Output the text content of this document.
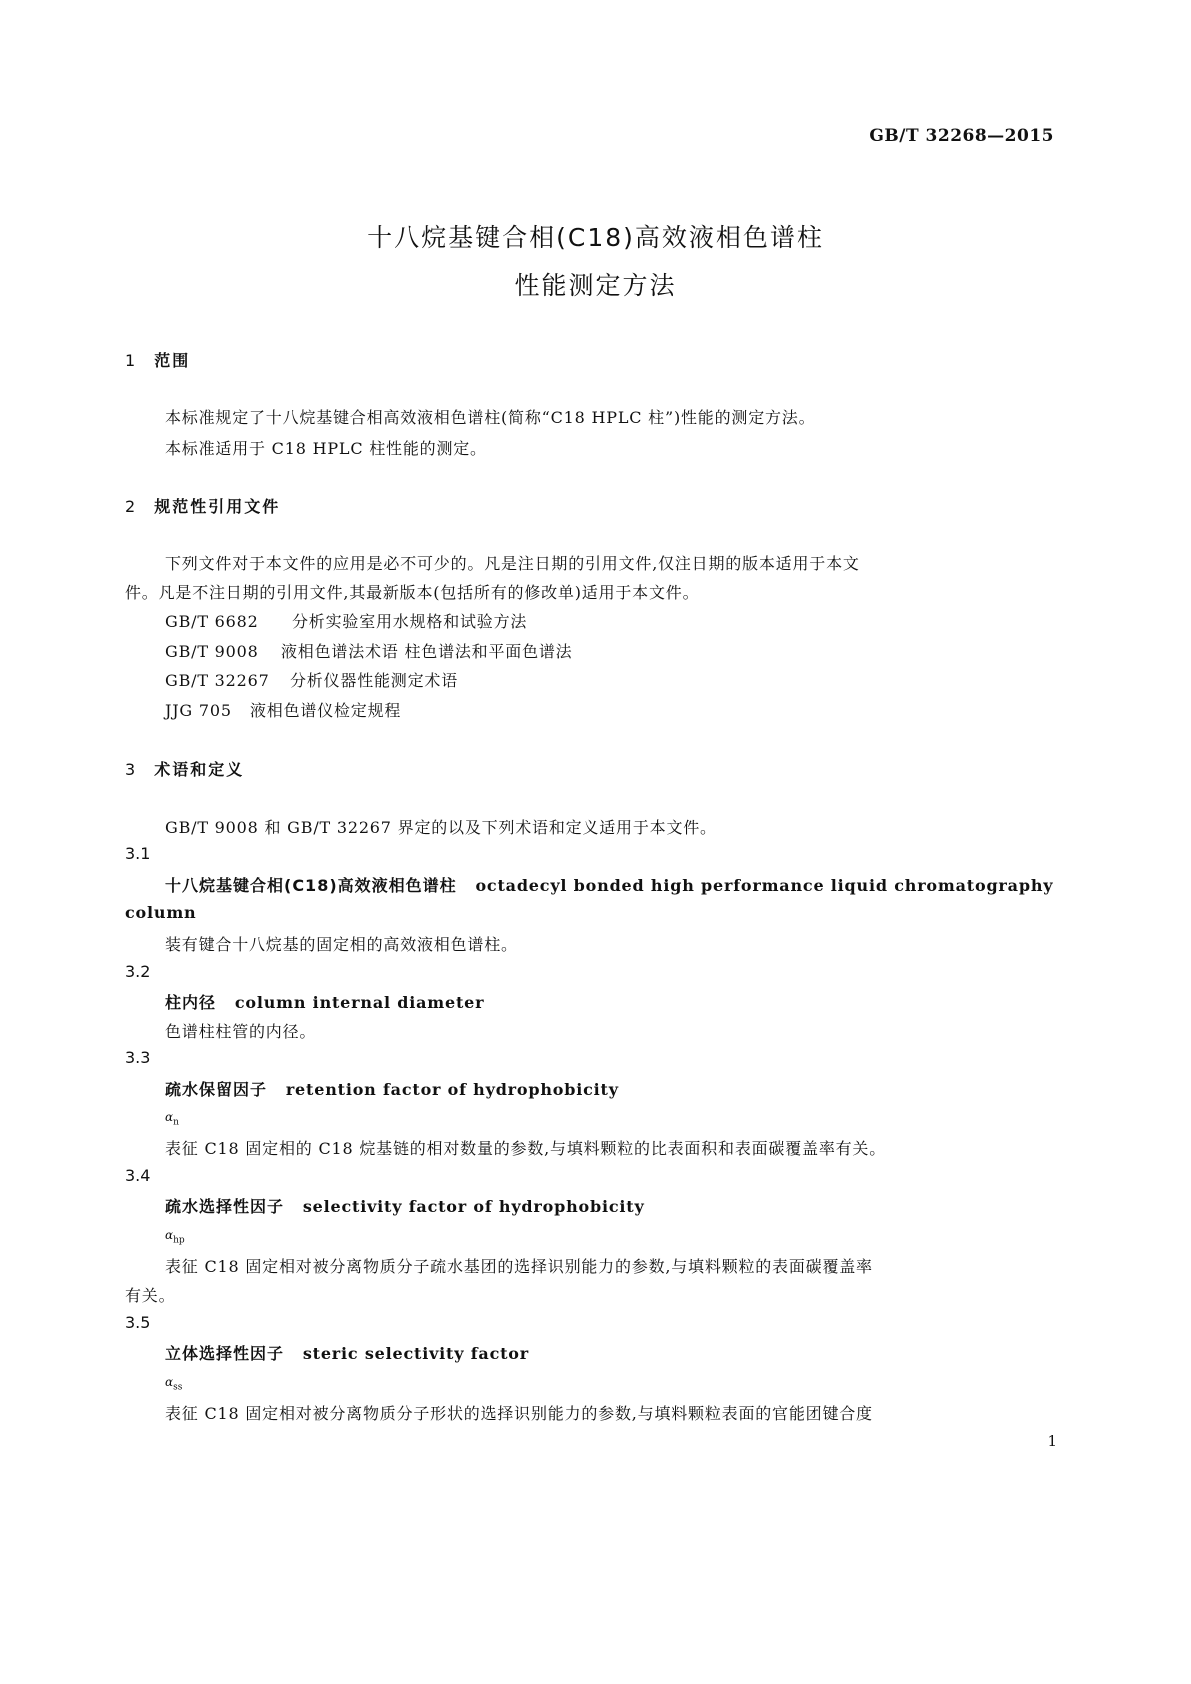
GB/T 32268—2015
十八烷基键合相(C18)高效液相色谱柱
性能测定方法
1 范围
本标准规定了十八烷基键合相高效液相色谱柱(简称“C18 HPLC 柱”)性能的测定方法。
本标准适用于 C18 HPLC 柱性能的测定。
2 规范性引用文件
下列文件对于本文件的应用是必不可少的。凡是注日期的引用文件,仅注日期的版本适用于本文
件。凡是不注日期的引用文件,其最新版本(包括所有的修改单)适用于本文件。
GB/T 6682 分析实验室用水规格和试验方法
GB/T 9008 液相色谱法术语 柱色谱法和平面色谱法
GB/T 32267 分析仪器性能测定术语
JJG 705 液相色谱仪检定规程
3 术语和定义
GB/T 9008 和 GB/T 32267 界定的以及下列术语和定义适用于本文件。
3.1
十八烷基键合相(C18)高效液相色谱柱 octadecyl bonded high performance liquid chromatography
column
装有键合十八烷基的固定相的高效液相色谱柱。
3.2
柱内径 column internal diameter
色谱柱柱管的内径。
3.3
疏水保留因子 retention factor of hydrophobicity
$\alpha_n$
表征 C18 固定相的 C18 烷基链的相对数量的参数,与填料颗粒的比表面积和表面碳覆盖率有关。
3.4
疏水选择性因子 selectivity factor of hydrophobicity
$\alpha_{hp}$
表征 C18 固定相对被分离物质分子疏水基团的选择识别能力的参数,与填料颗粒的表面碳覆盖率
有关。
3.5
立体选择性因子 steric selectivity factor
$\alpha_{ss}$
表征 C18 固定相对被分离物质分子形状的选择识别能力的参数,与填料颗粒表面的官能团键合度
1
